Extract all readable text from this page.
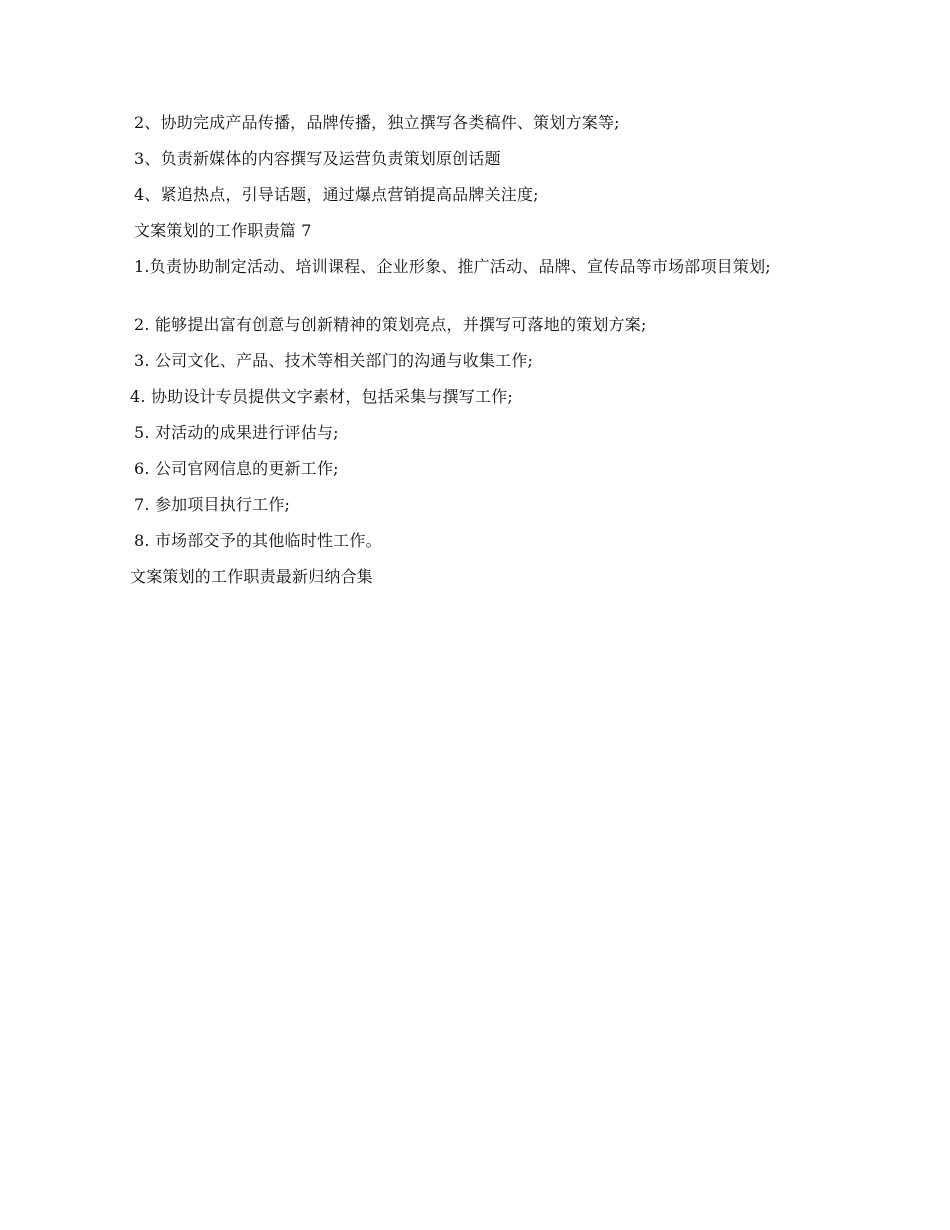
2、协助完成产品传播，品牌传播，独立撰写各类稿件、策划方案等;

3、负责新媒体的内容撰写及运营负责策划原创话题

4、紧追热点，引导话题，通过爆点营销提高品牌关注度;

文案策划的工作职责篇 7

1.负责协助制定活动、培训课程、企业形象、推广活动、品牌、宣传品等市场部项目策划;

2. 能够提出富有创意与创新精神的策划亮点，并撰写可落地的策划方案;

3. 公司文化、产品、技术等相关部门的沟通与收集工作;

4. 协助设计专员提供文字素材，包括采集与撰写工作;

5. 对活动的成果进行评估与;

6. 公司官网信息的更新工作;

7. 参加项目执行工作;

8. 市场部交予的其他临时性工作。

文案策划的工作职责最新归纳合集
